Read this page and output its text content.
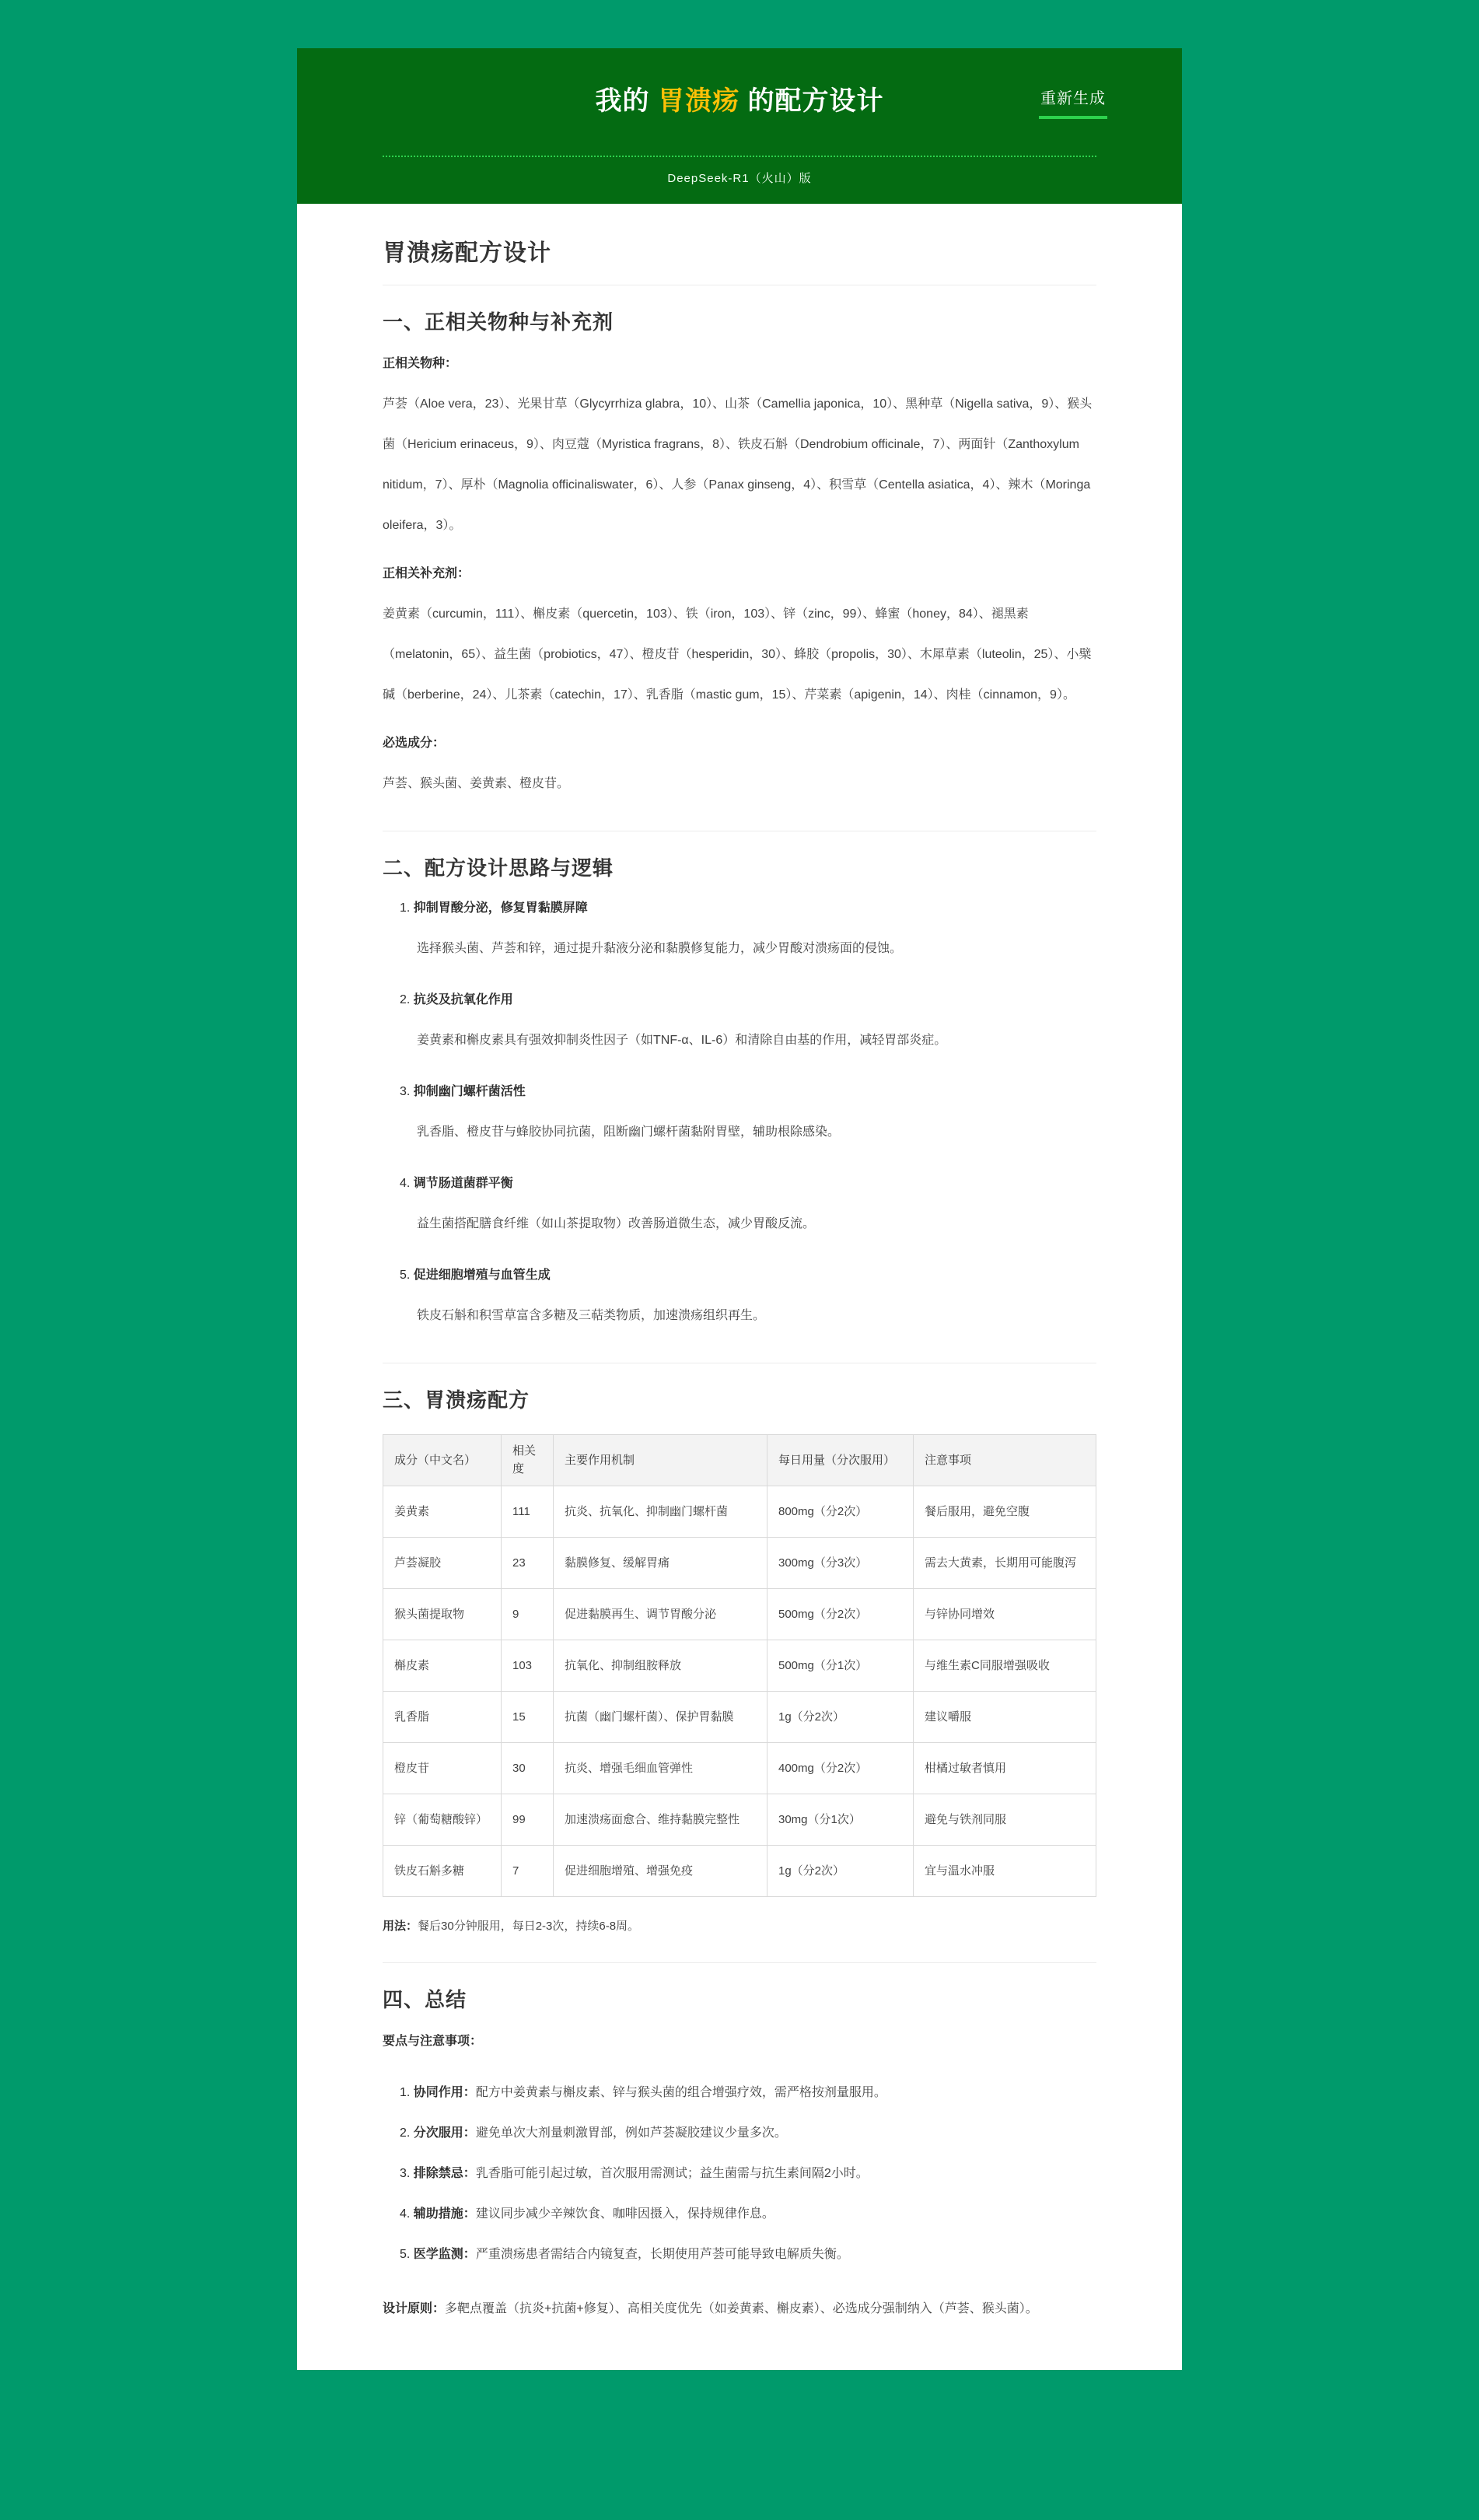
我的 胃溃疡 的配方设计	重新生成

DeepSeek-R1（火山）版

胃溃疡配方设计
一、正相关物种与补充剂

正相关物种：

芦荟（Aloe vera，23）、光果甘草（Glycyrrhiza glabra，10）、山茶（Camellia japonica，10）、黑种草（Nigella sativa，9）、猴头菌（Hericium erinaceus，9）、肉豆蔻（Myristica fragrans，8）、铁皮石斛（Dendrobium officinale，7）、两面针（Zanthoxylum nitidum，7）、厚朴（Magnolia officinaliswater，6）、人参（Panax ginseng，4）、积雪草（Centella asiatica，4）、辣木（Moringa oleifera，3）。

正相关补充剂：

姜黄素（curcumin，111）、槲皮素（quercetin，103）、铁（iron，103）、锌（zinc，99）、蜂蜜（honey，84）、褪黑素（melatonin，65）、益生菌（probiotics，47）、橙皮苷（hesperidin，30）、蜂胶（propolis，30）、木犀草素（luteolin，25）、小檗碱（berberine，24）、儿茶素（catechin，17）、乳香脂（mastic gum，15）、芹菜素（apigenin，14）、肉桂（cinnamon，9）。

必选成分：

芦荟、猴头菌、姜黄素、橙皮苷。

二、配方设计思路与逻辑
1. 抑制胃酸分泌，修复胃黏膜屏障
选择猴头菌、芦荟和锌，通过提升黏液分泌和黏膜修复能力，减少胃酸对溃疡面的侵蚀。
2. 抗炎及抗氧化作用
姜黄素和槲皮素具有强效抑制炎性因子（如TNF-α、IL-6）和清除自由基的作用，减轻胃部炎症。
3. 抑制幽门螺杆菌活性
乳香脂、橙皮苷与蜂胶协同抗菌，阻断幽门螺杆菌黏附胃壁，辅助根除感染。
4. 调节肠道菌群平衡
益生菌搭配膳食纤维（如山茶提取物）改善肠道微生态，减少胃酸反流。
5. 促进细胞增殖与血管生成
铁皮石斛和积雪草富含多糖及三萜类物质，加速溃疡组织再生。
三、胃溃疡配方
成分（中文名）	相关度	主要作用机制	每日用量（分次服用）	注意事项
姜黄素	111	抗炎、抗氧化、抑制幽门螺杆菌	800mg（分2次）	餐后服用，避免空腹
芦荟凝胶	23	黏膜修复、缓解胃痛	300mg（分3次）	需去大黄素，长期用可能腹泻
猴头菌提取物	9	促进黏膜再生、调节胃酸分泌	500mg（分2次）	与锌协同增效
槲皮素	103	抗氧化、抑制组胺释放	500mg（分1次）	与维生素C同服增强吸收
乳香脂	15	抗菌（幽门螺杆菌）、保护胃黏膜	1g（分2次）	建议嚼服
橙皮苷	30	抗炎、增强毛细血管弹性	400mg（分2次）	柑橘过敏者慎用
锌（葡萄糖酸锌）	99	加速溃疡面愈合、维持黏膜完整性	30mg（分1次）	避免与铁剂同服
铁皮石斛多糖	7	促进细胞增殖、增强免疫	1g（分2次）	宜与温水冲服

用法：餐后30分钟服用，每日2-3次，持续6-8周。

四、总结

要点与注意事项：

1. 协同作用：配方中姜黄素与槲皮素、锌与猴头菌的组合增强疗效，需严格按剂量服用。
2. 分次服用：避免单次大剂量刺激胃部，例如芦荟凝胶建议少量多次。
3. 排除禁忌：乳香脂可能引起过敏，首次服用需测试；益生菌需与抗生素间隔2小时。
4. 辅助措施：建议同步减少辛辣饮食、咖啡因摄入，保持规律作息。
5. 医学监测：严重溃疡患者需结合内镜复查，长期使用芦荟可能导致电解质失衡。

设计原则：多靶点覆盖（抗炎+抗菌+修复）、高相关度优先（如姜黄素、槲皮素）、必选成分强制纳入（芦荟、猴头菌）。
